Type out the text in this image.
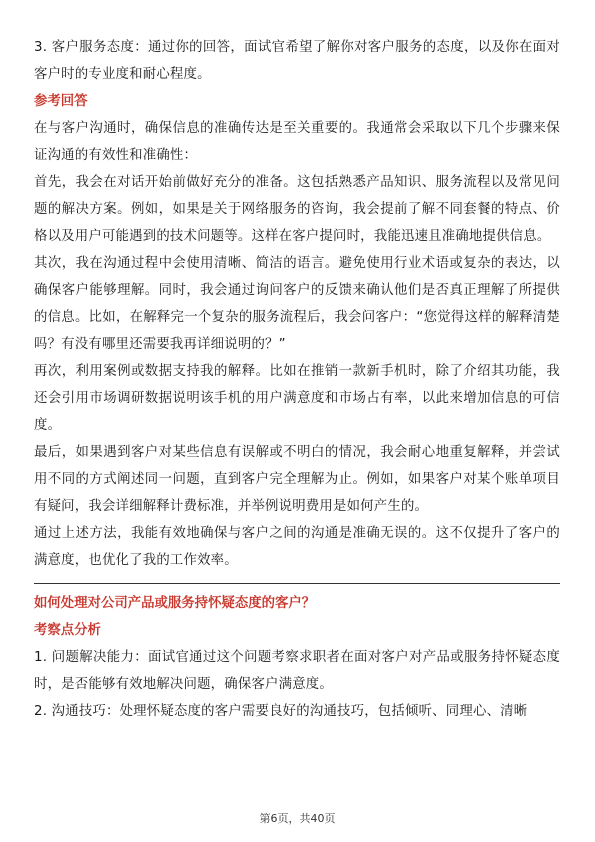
3. 客户服务态度：通过你的回答，面试官希望了解你对客户服务的态度，以及你在面对客户时的专业度和耐心程度。

参考回答

在与客户沟通时，确保信息的准确传达是至关重要的。我通常会采取以下几个步骤来保证沟通的有效性和准确性：

首先，我会在对话开始前做好充分的准备。这包括熟悉产品知识、服务流程以及常见问题的解决方案。例如，如果是关于网络服务的咨询，我会提前了解不同套餐的特点、价格以及用户可能遇到的技术问题等。这样在客户提问时，我能迅速且准确地提供信息。

其次，我在沟通过程中会使用清晰、简洁的语言。避免使用行业术语或复杂的表达，以确保客户能够理解。同时，我会通过询问客户的反馈来确认他们是否真正理解了所提供的信息。比如，在解释完一个复杂的服务流程后，我会问客户：“您觉得这样的解释清楚吗？有没有哪里还需要我再详细说明的？”

再次，利用案例或数据支持我的解释。比如在推销一款新手机时，除了介绍其功能，我还会引用市场调研数据说明该手机的用户满意度和市场占有率，以此来增加信息的可信度。

最后，如果遇到客户对某些信息有误解或不明白的情况，我会耐心地重复解释，并尝试用不同的方式阐述同一问题，直到客户完全理解为止。例如，如果客户对某个账单项目有疑问，我会详细解释计费标准，并举例说明费用是如何产生的。

通过上述方法，我能有效地确保与客户之间的沟通是准确无误的。这不仅提升了客户的满意度，也优化了我的工作效率。

如何处理对公司产品或服务持怀疑态度的客户？

考察点分析

1. 问题解决能力：面试官通过这个问题考察求职者在面对客户对产品或服务持怀疑态度时，是否能够有效地解决问题，确保客户满意度。

2. 沟通技巧：处理怀疑态度的客户需要良好的沟通技巧，包括倾听、同理心、清晰

第6页，共40页
